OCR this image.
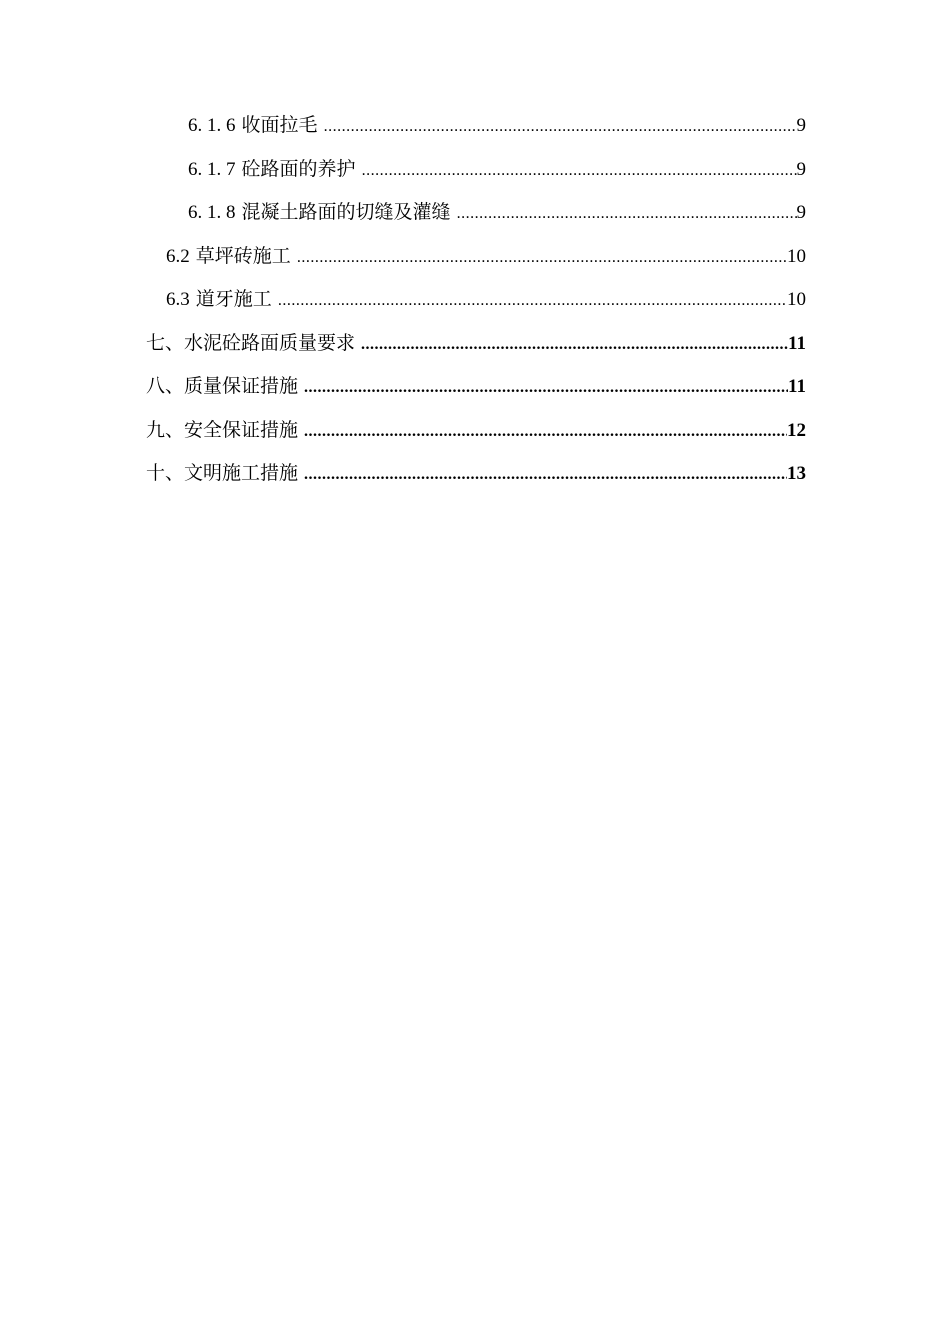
6. 1. 6 收面拉毛 .....	9
6. 1. 7 砼路面的养护 .....	9
6. 1. 8 混凝土路面的切缝及灌缝 .....	9
6.2 草坪砖施工 .....	10
6.3 道牙施工 .....	10
七、水泥砼路面质量要求 .....	11
八、质量保证措施 .....	11
九、安全保证措施 .....	12
十、文明施工措施 .....	13
